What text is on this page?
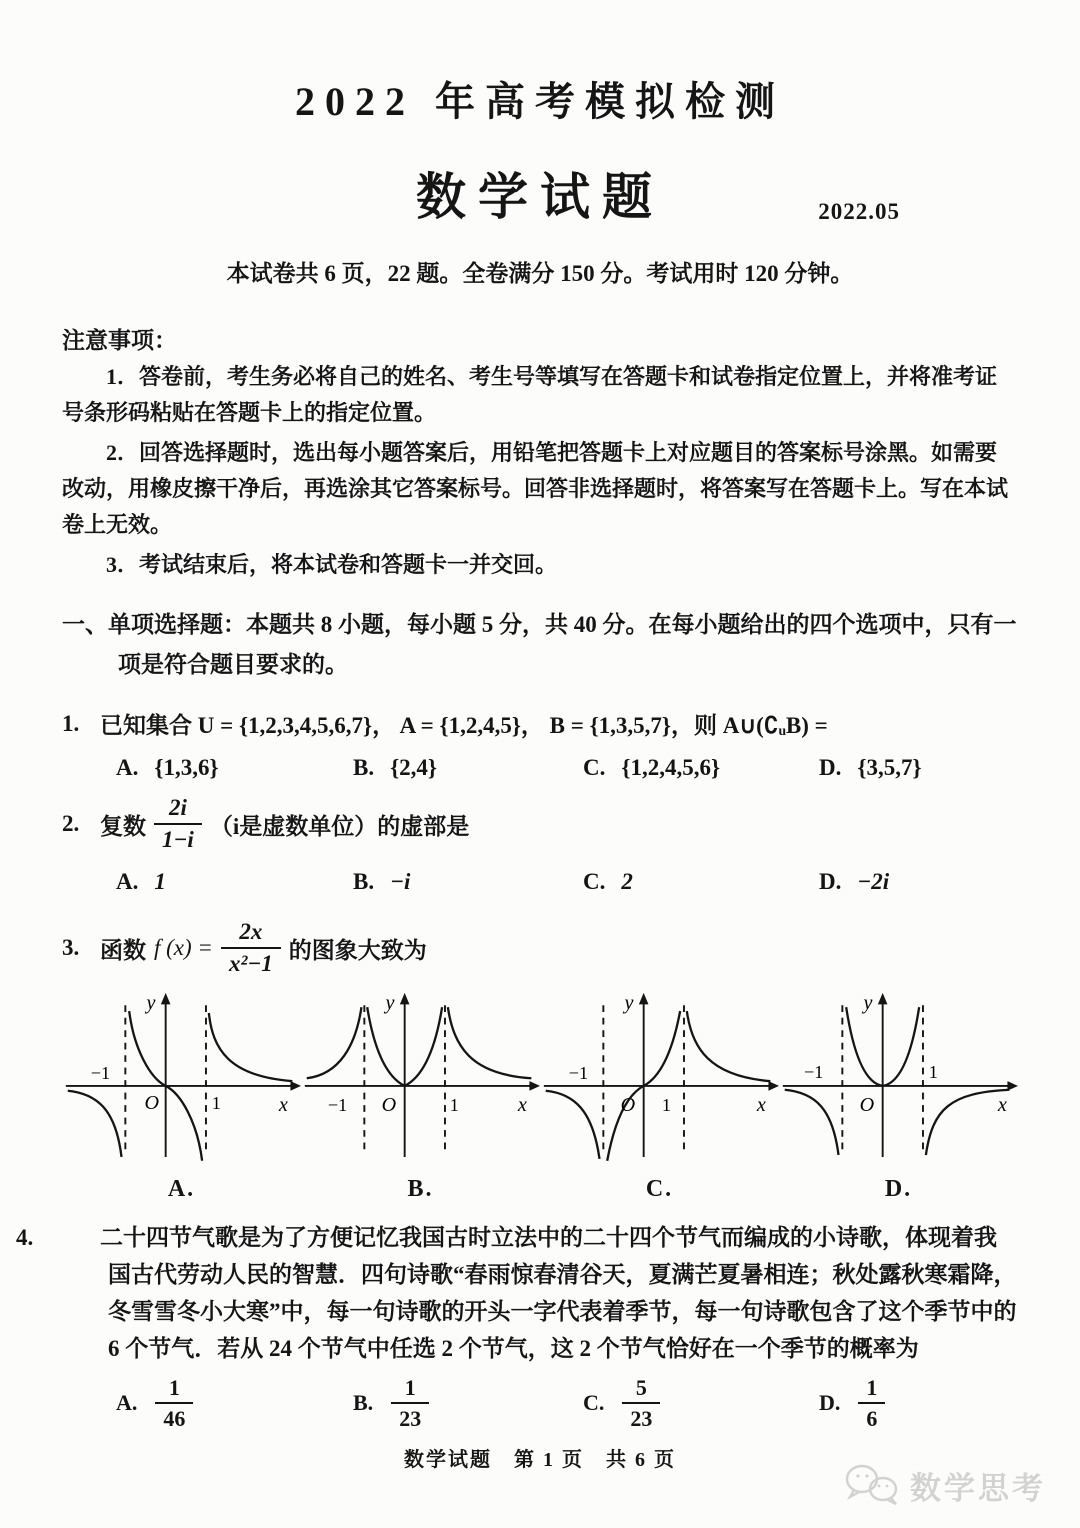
2022 年高考模拟检测
数学试题	2022.05
本试卷共 6 页，22 题。全卷满分 150 分。考试用时 120 分钟。
注意事项：
1．答卷前，考生务必将自己的姓名、考生号等填写在答题卡和试卷指定位置上，并将准考证号条形码粘贴在答题卡上的指定位置。
2．回答选择题时，选出每小题答案后，用铅笔把答题卡上对应题目的答案标号涂黑。如需要改动，用橡皮擦干净后，再选涂其它答案标号。回答非选择题时，将答案写在答题卡上。写在本试卷上无效。
3．考试结束后，将本试卷和答题卡一并交回。
一、单项选择题：本题共 8 小题，每小题 5 分，共 40 分。在每小题给出的四个选项中，只有一项是符合题目要求的。
1. 已知集合 U = {1,2,3,4,5,6,7}， A = {1,2,4,5}， B = {1,3,5,7}，则 A∪(∁ᵤB) =
A. {1,3,6}	B. {2,4}	C. {1,2,4,5,6}	D. {3,5,7}
2. 复数 $\frac{2i}{1-i} (i$是虚数单位）的虚部是
A. 1	B. −i	C. 2	D. −2i
3. 函数 f $(x) = \frac{2x}{\text{x²−1}}$ 的图象大致为
y
x
−1
O	1
y
x
−1 O	1
y
x
−1
O 1
y
x
−1
O
1
A.	B.	C.	D.
4.	二十四节气歌是为了方便记忆我国古时立法中的二十四个节气而编成的小诗歌，体现着我国古代劳动人民的智慧．四句诗歌“春雨惊春清谷天，夏满芒夏暑相连；秋处露秋寒霜降，冬雪雪冬小大寒”中，每一句诗歌的开头一字代表着季节，每一句诗歌包含了这个季节中的 6 个节气．若从 24 个节气中任选 2 个节气，这 2 个节气恰好在一个季节的概率为
A. $\frac{1}{46}$	B. $\frac{1}{23}$	C. $\frac{5}{23}$	D. $\frac{1}{6}$
数学试题　第 1 页　共 6 页
数学思考
